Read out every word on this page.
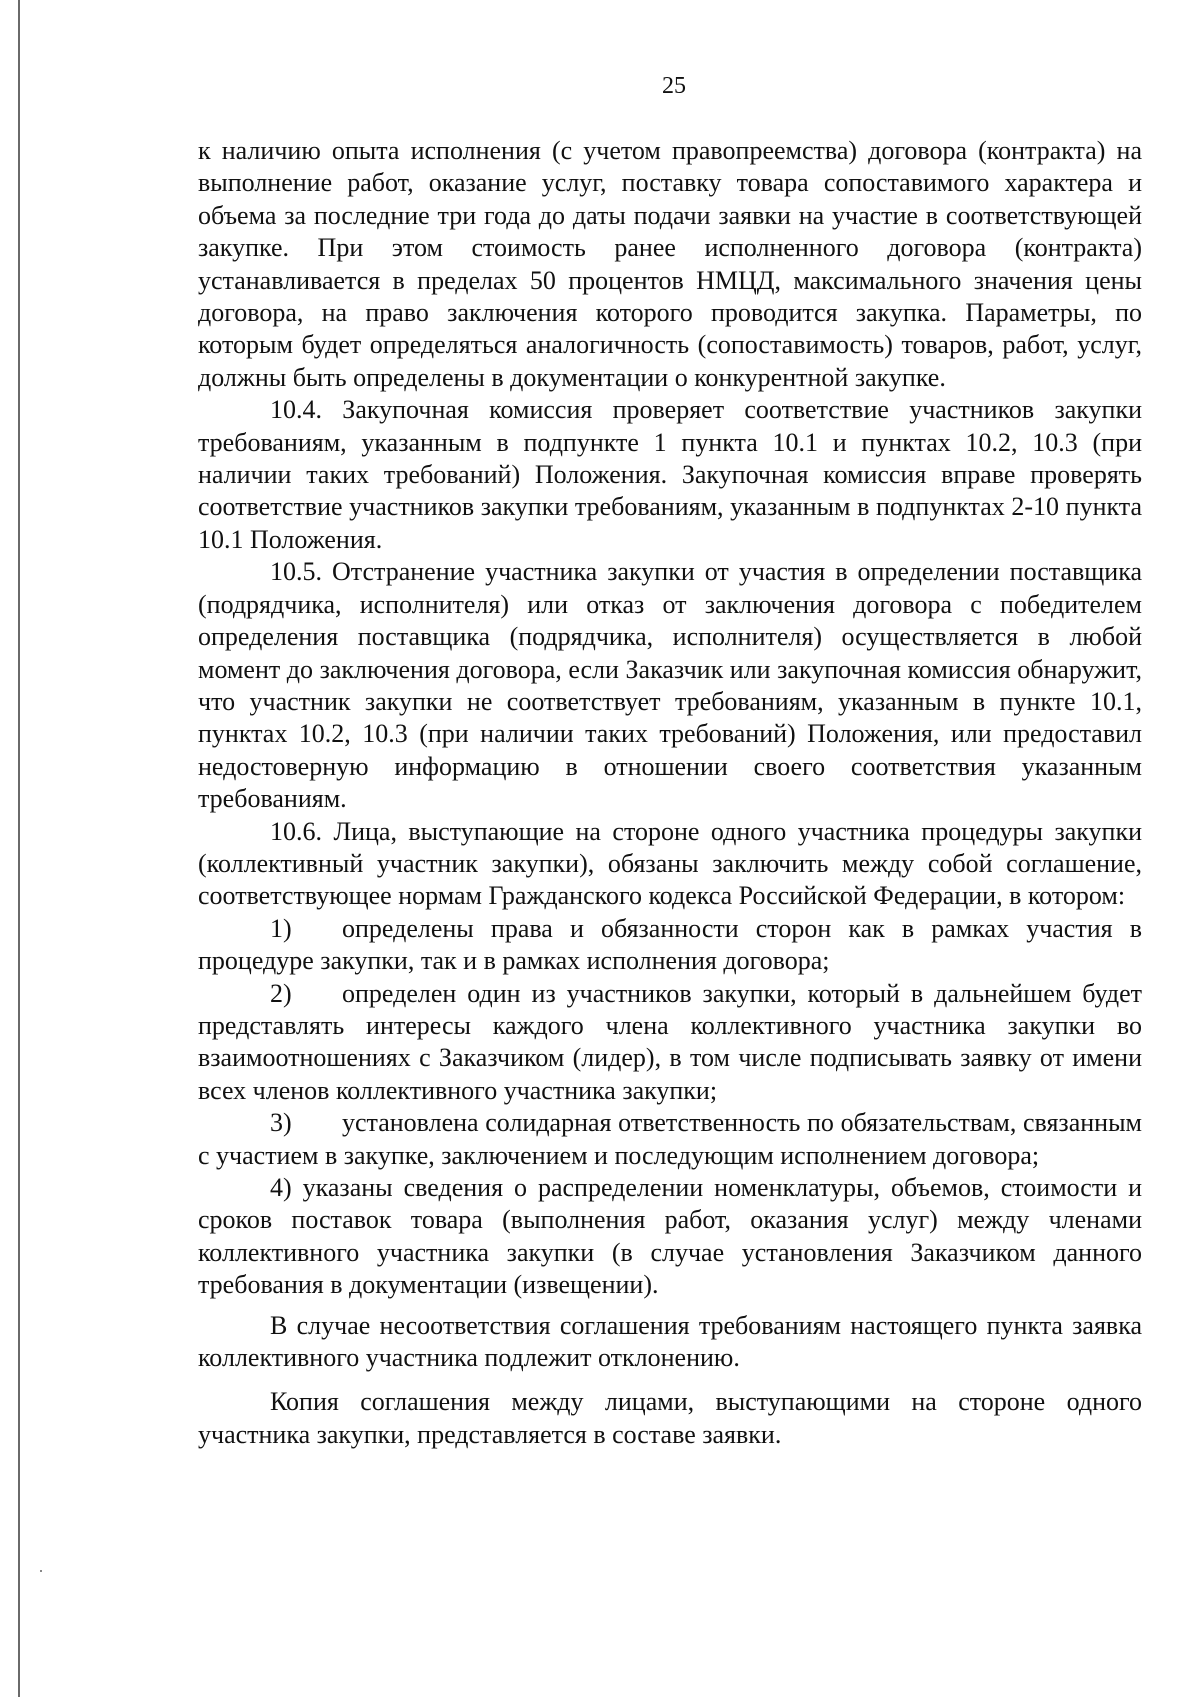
25

к наличию опыта исполнения (с учетом правопреемства) договора (контракта) на выполнение работ, оказание услуг, поставку товара сопоставимого характера и объема за последние три года до даты подачи заявки на участие в соответствующей закупке. При этом стоимость ранее исполненного договора (контракта) устанавливается в пределах 50 процентов НМЦД, максимального значения цены договора, на право заключения которого проводится закупка. Параметры, по которым будет определяться аналогичность (сопоставимость) товаров, работ, услуг, должны быть определены в документации о конкурентной закупке.

10.4. Закупочная комиссия проверяет соответствие участников закупки требованиям, указанным в подпункте 1 пункта 10.1 и пунктах 10.2, 10.3 (при наличии таких требований) Положения. Закупочная комиссия вправе проверять соответствие участников закупки требованиям, указанным в подпунктах 2-10 пункта 10.1 Положения.

10.5. Отстранение участника закупки от участия в определении поставщика (подрядчика, исполнителя) или отказ от заключения договора с победителем определения поставщика (подрядчика, исполнителя) осуществляется в любой момент до заключения договора, если Заказчик или закупочная комиссия обнаружит, что участник закупки не соответствует требованиям, указанным в пункте 10.1, пунктах 10.2, 10.3 (при наличии таких требований) Положения, или предоставил недостоверную информацию в отношении своего соответствия указанным требованиям.

10.6. Лица, выступающие на стороне одного участника процедуры закупки (коллективный участник закупки), обязаны заключить между собой соглашение, соответствующее нормам Гражданского кодекса Российской Федерации, в котором:

1) определены права и обязанности сторон как в рамках участия в процедуре закупки, так и в рамках исполнения договора;

2) определен один из участников закупки, который в дальнейшем будет представлять интересы каждого члена коллективного участника закупки во взаимоотношениях с Заказчиком (лидер), в том числе подписывать заявку от имени всех членов коллективного участника закупки;

3) установлена солидарная ответственность по обязательствам, связанным с участием в закупке, заключением и последующим исполнением договора;

4) указаны сведения о распределении номенклатуры, объемов, стоимости и сроков поставок товара (выполнения работ, оказания услуг) между членами коллективного участника закупки (в случае установления Заказчиком данного требования в документации (извещении).

В случае несоответствия соглашения требованиям настоящего пункта заявка коллективного участника подлежит отклонению.

Копия соглашения между лицами, выступающими на стороне одного участника закупки, представляется в составе заявки.
